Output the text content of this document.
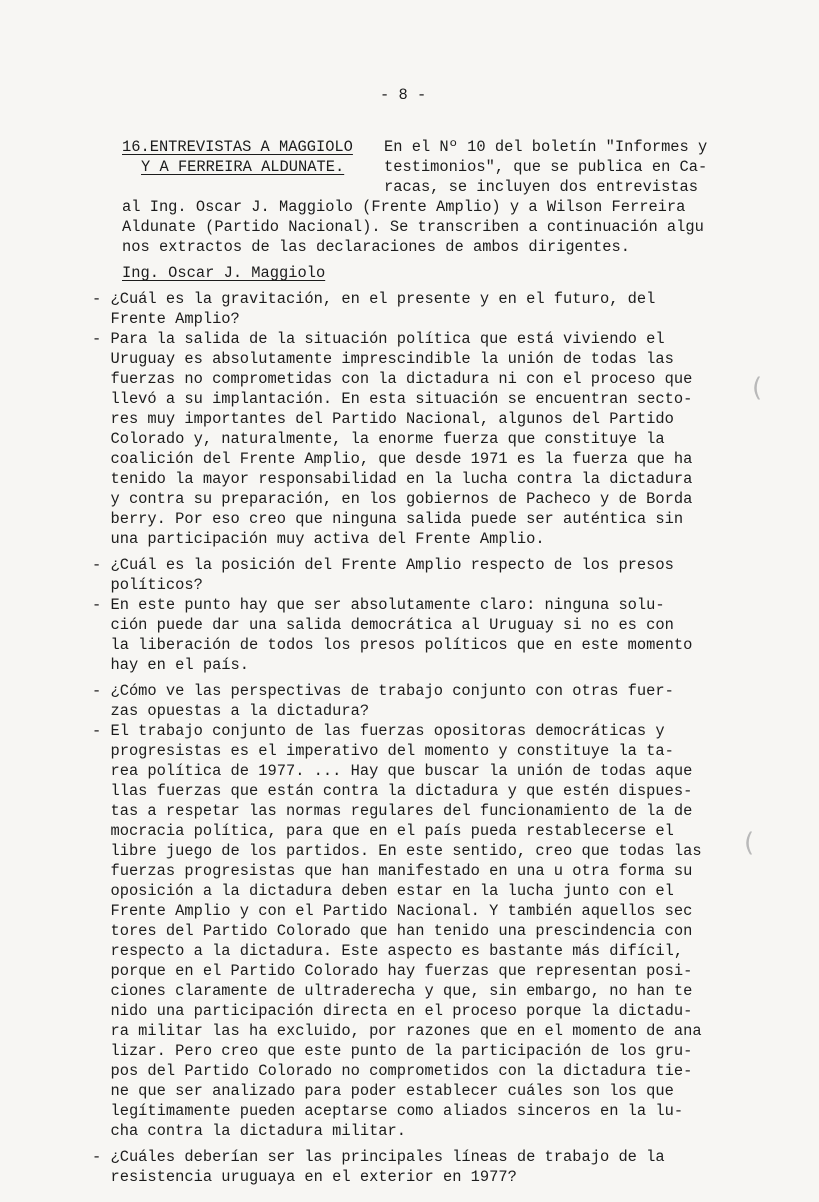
- 8 -
16.ENTREVISTAS A MAGGIOLO
Y A FERREIRA ALDUNATE.
En el Nº 10 del boletín "Informes y
testimonios", que se publica en Ca-
racas, se incluyen dos entrevistas
al Ing. Oscar J. Maggiolo (Frente Amplio) y a Wilson Ferreira
Aldunate (Partido Nacional). Se transcriben a continuación algu
nos extractos de las declaraciones de ambos dirigentes.
Ing. Oscar J. Maggiolo
- ¿Cuál es la gravitación, en el presente y en el futuro, del
Frente Amplio?
- Para la salida de la situación política que está viviendo el
Uruguay es absolutamente imprescindible la unión de todas las
fuerzas no comprometidas con la dictadura ni con el proceso que
llevó a su implantación. En esta situación se encuentran secto-
res muy importantes del Partido Nacional, algunos del Partido
Colorado y, naturalmente, la enorme fuerza que constituye la
coalición del Frente Amplio, que desde 1971 es la fuerza que ha
tenido la mayor responsabilidad en la lucha contra la dictadura
y contra su preparación, en los gobiernos de Pacheco y de Borda
berry. Por eso creo que ninguna salida puede ser auténtica sin
una participación muy activa del Frente Amplio.
- ¿Cuál es la posición del Frente Amplio respecto de los presos
políticos?
- En este punto hay que ser absolutamente claro: ninguna solu-
ción puede dar una salida democrática al Uruguay si no es con
la liberación de todos los presos políticos que en este momento
hay en el país.
- ¿Cómo ve las perspectivas de trabajo conjunto con otras fuer-
zas opuestas a la dictadura?
- El trabajo conjunto de las fuerzas opositoras democráticas y
progresistas es el imperativo del momento y constituye la ta-
rea política de 1977. ... Hay que buscar la unión de todas aque
llas fuerzas que están contra la dictadura y que estén dispues-
tas a respetar las normas regulares del funcionamiento de la de
mocracia política, para que en el país pueda restablecerse el
libre juego de los partidos. En este sentido, creo que todas las
fuerzas progresistas que han manifestado en una u otra forma su
oposición a la dictadura deben estar en la lucha junto con el
Frente Amplio y con el Partido Nacional. Y también aquellos sec
tores del Partido Colorado que han tenido una prescindencia con
respecto a la dictadura. Este aspecto es bastante más difícil,
porque en el Partido Colorado hay fuerzas que representan posi-
ciones claramente de ultraderecha y que, sin embargo, no han te
nido una participación directa en el proceso porque la dictadu-
ra militar las ha excluido, por razones que en el momento de ana
lizar. Pero creo que este punto de la participación de los gru-
pos del Partido Colorado no comprometidos con la dictadura tie-
ne que ser analizado para poder establecer cuáles son los que
legítimamente pueden aceptarse como aliados sinceros en la lu-
cha contra la dictadura militar.
- ¿Cuáles deberían ser las principales líneas de trabajo de la
resistencia uruguaya en el exterior en 1977?
(
(
